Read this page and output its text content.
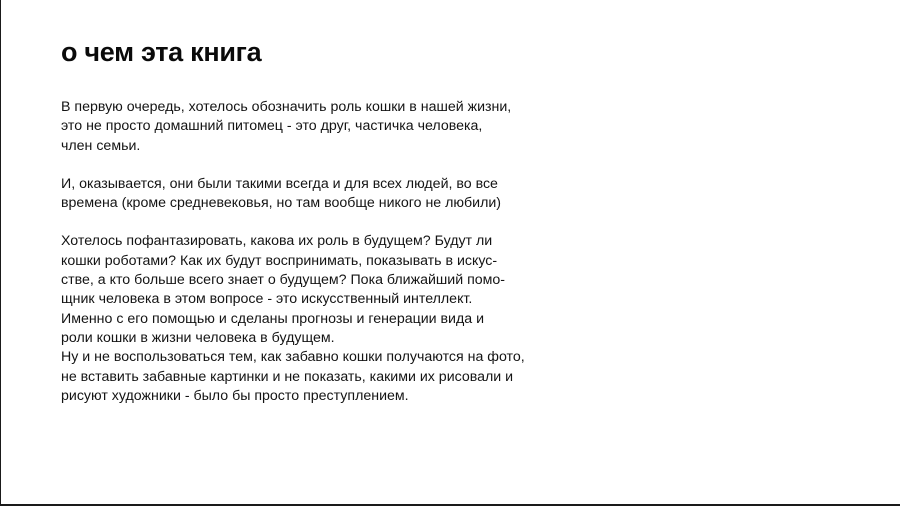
о чем эта книга

В первую очередь, хотелось обозначить роль кошки в нашей жизни,
это не просто домашний питомец - это друг, частичка человека,
член семьи.

И, оказывается, они были такими всегда и для всех людей, во все
времена (кроме средневековья, но там вообще никого не любили)

Хотелось пофантазировать, какова их роль в будущем? Будут ли
кошки роботами? Как их будут воспринимать, показывать в искус-
стве, а кто больше всего знает о будущем? Пока ближайший помо-
щник человека в этом вопросе - это искусственный интеллект.
Именно с его помощью и сделаны прогнозы и генерации вида и
роли кошки в жизни человека в будущем.
Ну и не воспользоваться тем, как забавно кошки получаются на фото,
не вставить забавные картинки и не показать, какими их рисовали и
рисуют художники - было бы просто преступлением.
